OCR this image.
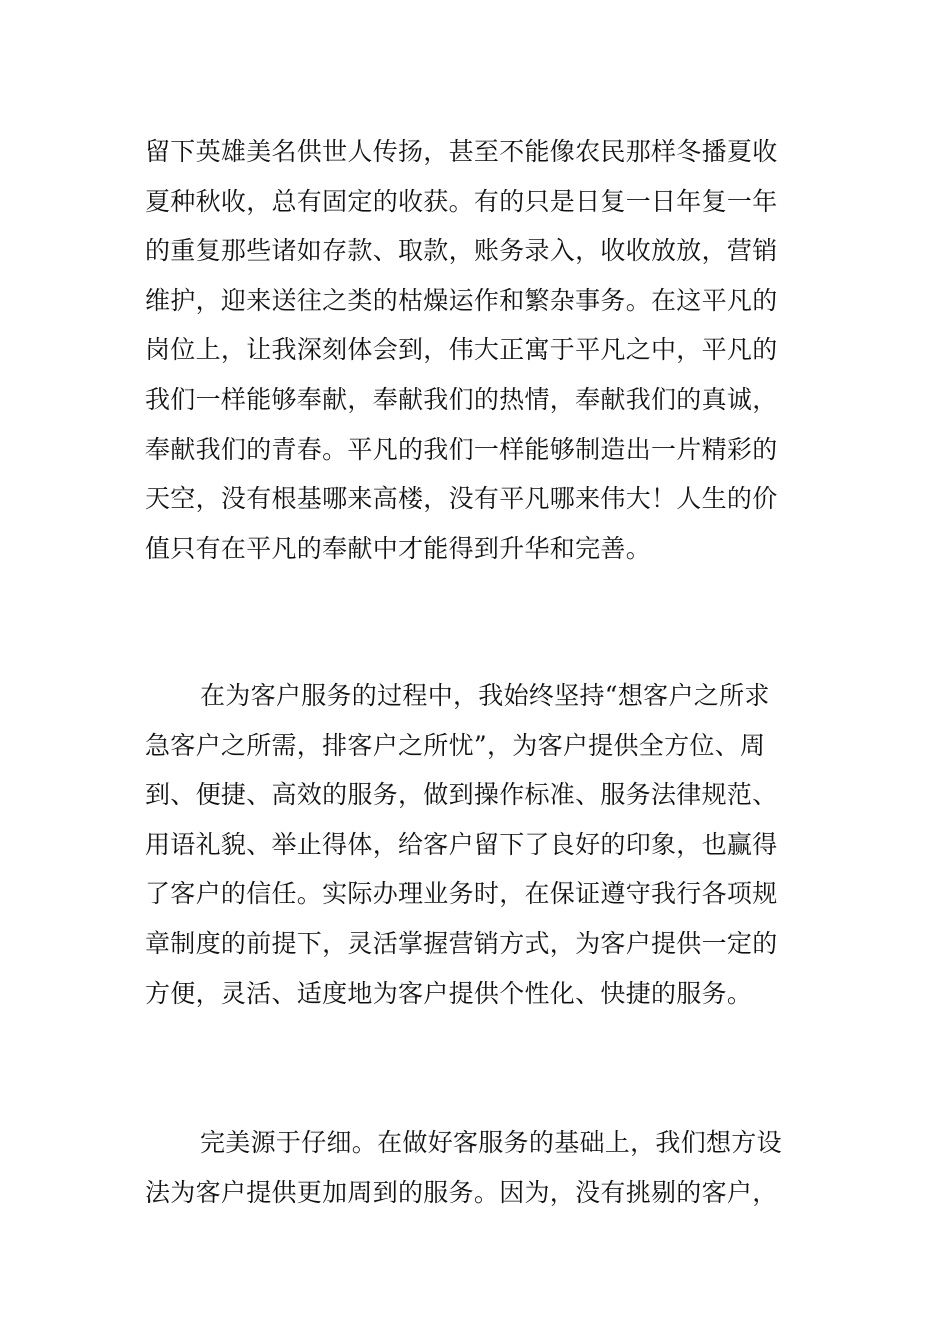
留下英雄美名供世人传扬，甚至不能像农民那样冬播夏收
夏种秋收，总有固定的收获。有的只是日复一日年复一年
的重复那些诸如存款、取款，账务录入，收收放放，营销
维护，迎来送往之类的枯燥运作和繁杂事务。在这平凡的
岗位上，让我深刻体会到，伟大正寓于平凡之中，平凡的
我们一样能够奉献，奉献我们的热情，奉献我们的真诚，
奉献我们的青春。平凡的我们一样能够制造出一片精彩的
天空，没有根基哪来高楼，没有平凡哪来伟大！人生的价
值只有在平凡的奉献中才能得到升华和完善。
在为客户服务的过程中，我始终坚持“想客户之所求
急客户之所需，排客户之所忧”，为客户提供全方位、周
到、便捷、高效的服务，做到操作标准、服务法律规范、
用语礼貌、举止得体，给客户留下了良好的印象，也赢得
了客户的信任。实际办理业务时，在保证遵守我行各项规
章制度的前提下，灵活掌握营销方式，为客户提供一定的
方便，灵活、适度地为客户提供个性化、快捷的服务。
完美源于仔细。在做好客服务的基础上，我们想方设
法为客户提供更加周到的服务。因为，没有挑剔的客户，
